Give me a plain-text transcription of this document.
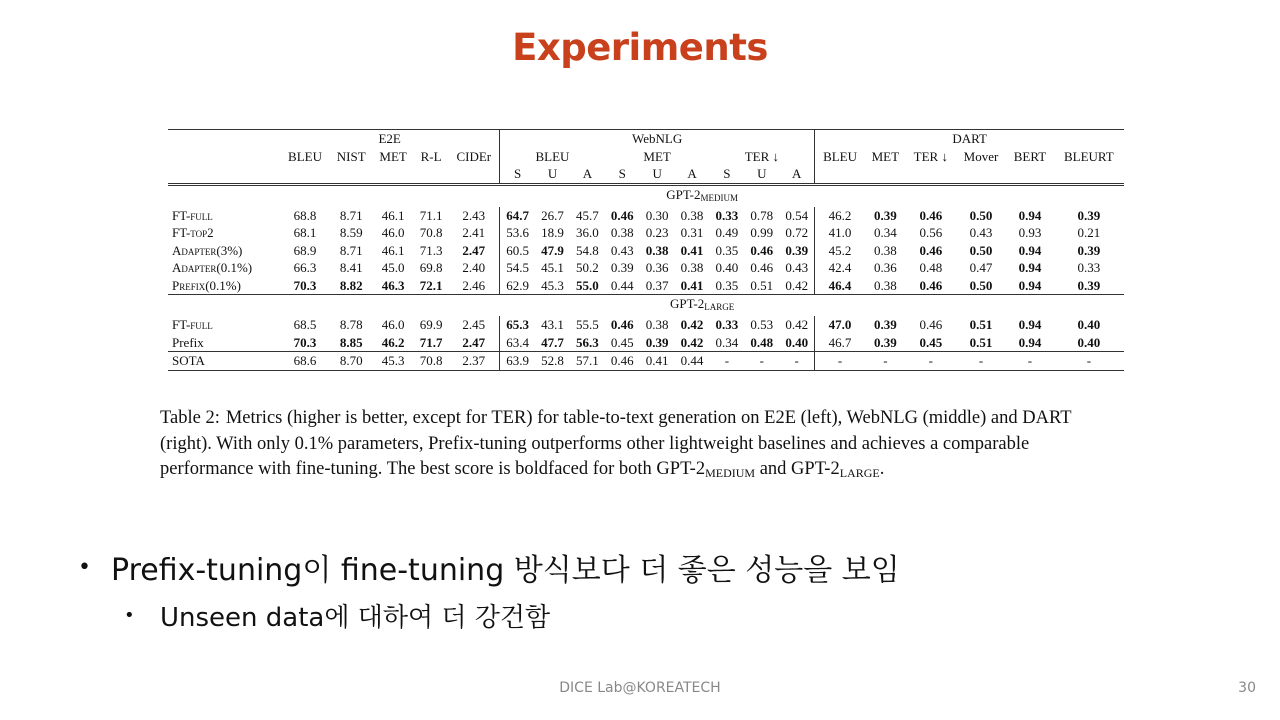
Experiments
	E2E					WebNLG									DART					
	BLEU	NIST	MET	R-L	CIDEr	BLEU			MET			TER ↓			BLEU	MET	TER ↓	Mover	BERT	BLEURT
						S	U	A	S	U	A	S	U	A						
	GPT-$2_{MEDIUM}$
FT-full	68.8	8.71	46.1	71.1	2.43	64.7	26.7	45.7	0.46	0.30	0.38	0.33	0.78	0.54	46.2	0.39	0.46	0.50	0.94	0.39
FT-top2	68.1	8.59	46.0	70.8	2.41	53.6	18.9	36.0	0.38	0.23	0.31	0.49	0.99	0.72	41.0	0.34	0.56	0.43	0.93	0.21
Adapter(3%)	68.9	8.71	46.1	71.3	2.47	60.5	47.9	54.8	0.43	0.38	0.41	0.35	0.46	0.39	45.2	0.38	0.46	0.50	0.94	0.39
Adapter(0.1%)	66.3	8.41	45.0	69.8	2.40	54.5	45.1	50.2	0.39	0.36	0.38	0.40	0.46	0.43	42.4	0.36	0.48	0.47	0.94	0.33
Prefix(0.1%)	70.3	8.82	46.3	72.1	2.46	62.9	45.3	55.0	0.44	0.37	0.41	0.35	0.51	0.42	46.4	0.38	0.46	0.50	0.94	0.39
	GPT-$2_{LARGE}$
FT-full	68.5	8.78	46.0	69.9	2.45	65.3	43.1	55.5	0.46	0.38	0.42	0.33	0.53	0.42	47.0	0.39	0.46	0.51	0.94	0.40
Prefix	70.3	8.85	46.2	71.7	2.47	63.4	47.7	56.3	0.45	0.39	0.42	0.34	0.48	0.40	46.7	0.39	0.45	0.51	0.94	0.40
SOTA	68.6	8.70	45.3	70.8	2.37	63.9	52.8	57.1	0.46	0.41	0.44	-	-	-	-	-	-	-	-	-
Table 2: Metrics (higher is better, except for TER) for table-to-text generation on E2E (left), WebNLG (middle) and DART (right). With only 0.1% parameters, Prefix-tuning outperforms other lightweight baselines and achieves a comparable performance with fine-tuning. The best score is boldfaced for both GPT-2MEDIUM and GPT-2LARGE.
• Prefix-tuning이 fine-tuning 방식보다 더 좋은 성능을 보임
• Unseen data에 대하여 더 강건함
DICE Lab@KOREATECH	30
